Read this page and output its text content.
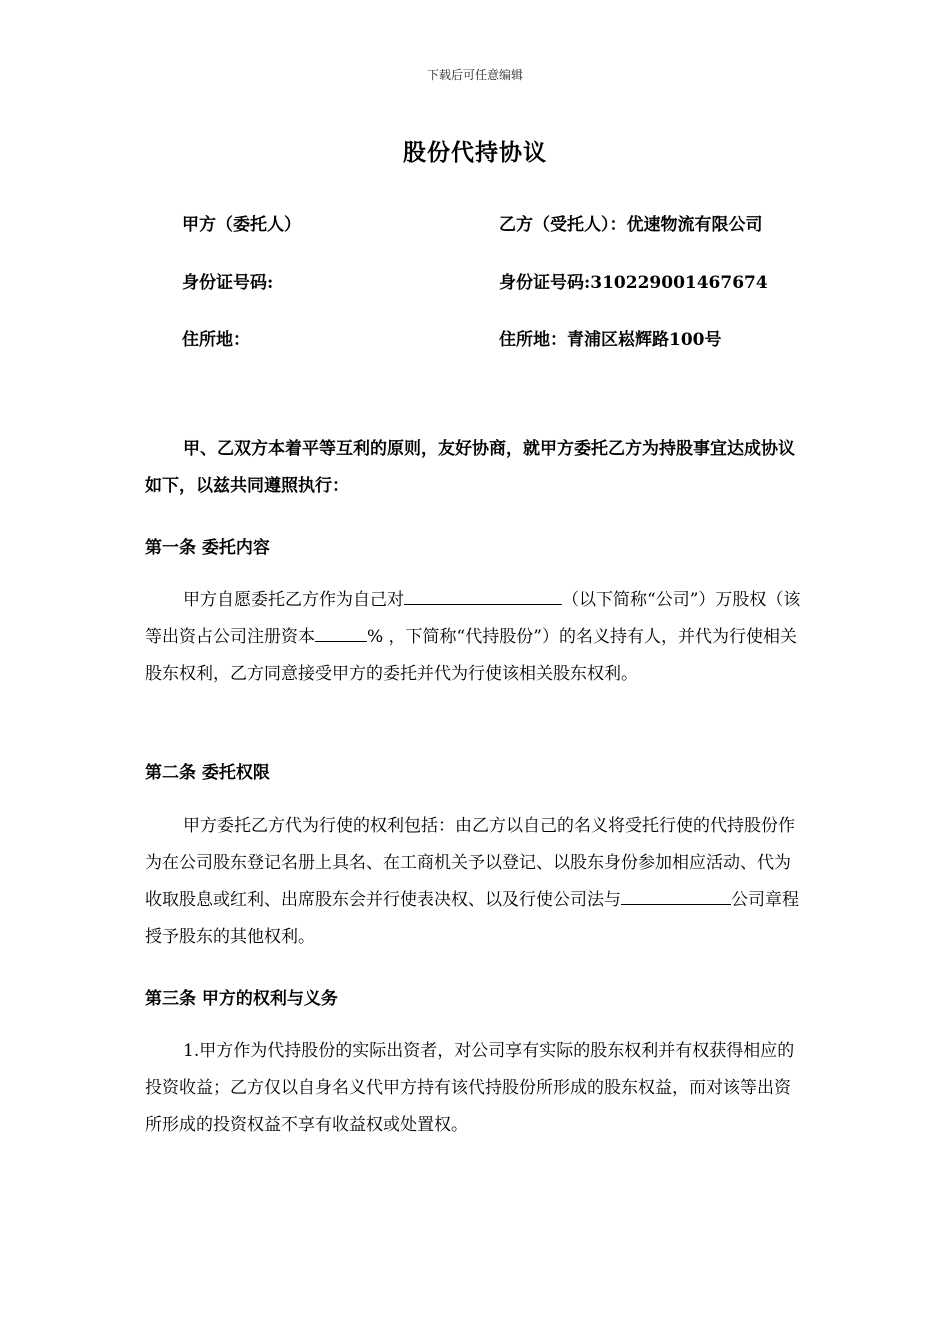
下载后可任意编辑
股份代持协议
甲方（委托人）	乙方（受托人）：优速物流有限公司
身份证号码:	身份证号码:310229001467674
住所地：	住所地：青浦区崧辉路100号
甲、乙双方本着平等互利的原则，友好协商，就甲方委托乙方为持股事宜达成协议如下，以兹共同遵照执行：
第一条 委托内容
甲方自愿委托乙方作为自己对	（以下简称“公司”）万股权（该等出资占公司注册资本	% ，下简称“代持股份”）的名义持有人，并代为行使相关股东权利，乙方同意接受甲方的委托并代为行使该相关股东权利。
第二条 委托权限
甲方委托乙方代为行使的权利包括：由乙方以自己的名义将受托行使的代持股份作为在公司股东登记名册上具名、在工商机关予以登记、以股东身份参加相应活动、代为收取股息或红利、出席股东会并行使表决权、以及行使公司法与	公司章程授予股东的其他权利。
第三条 甲方的权利与义务
1.甲方作为代持股份的实际出资者，对公司享有实际的股东权利并有权获得相应的投资收益；乙方仅以自身名义代甲方持有该代持股份所形成的股东权益，而对该等出资所形成的投资权益不享有收益权或处置权。
